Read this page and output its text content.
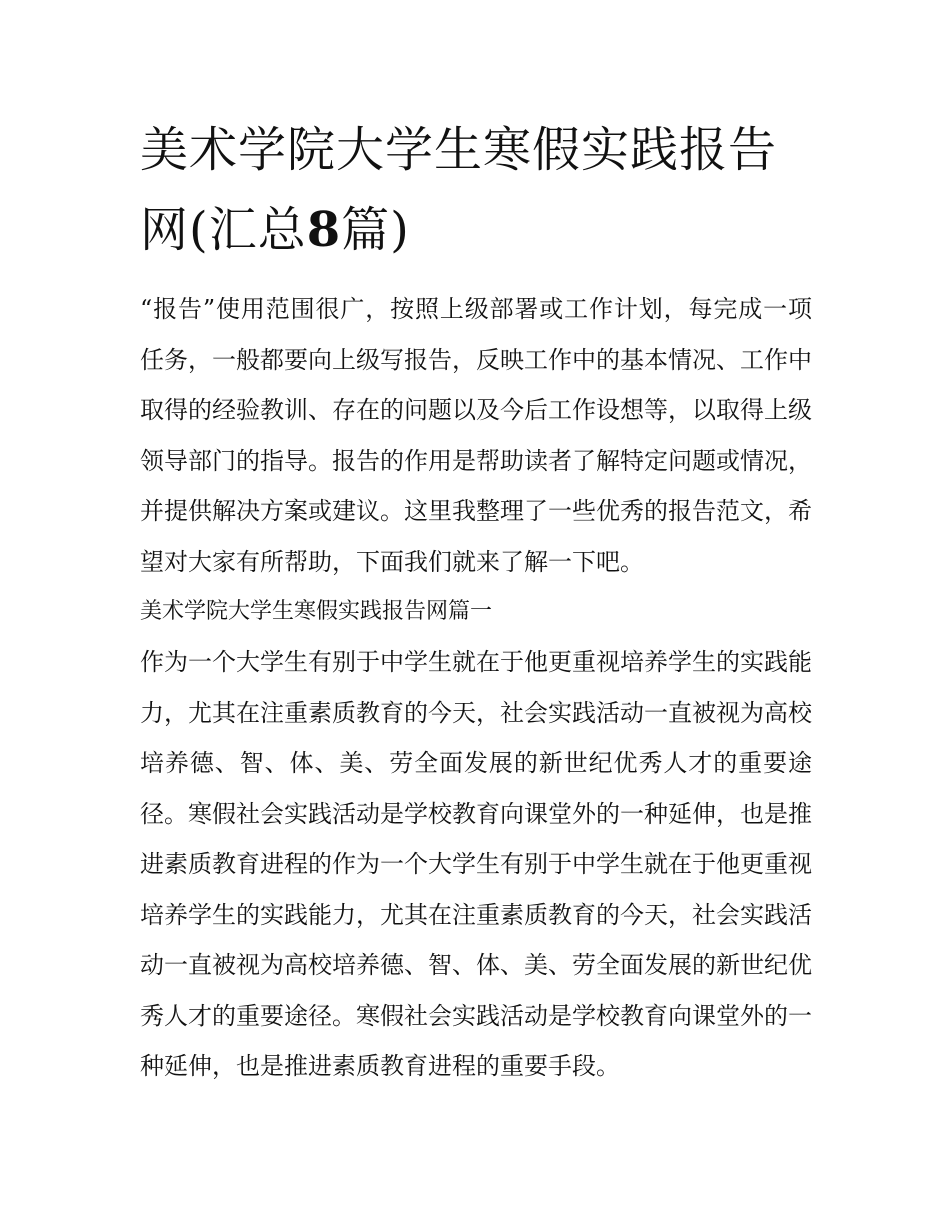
美术学院大学生寒假实践报告网(汇总8篇)

“报告”使用范围很广，按照上级部署或工作计划，每完成一项任务，一般都要向上级写报告，反映工作中的基本情况、工作中取得的经验教训、存在的问题以及今后工作设想等，以取得上级领导部门的指导。报告的作用是帮助读者了解特定问题或情况，并提供解决方案或建议。这里我整理了一些优秀的报告范文，希望对大家有所帮助，下面我们就来了解一下吧。

美术学院大学生寒假实践报告网篇一

作为一个大学生有别于中学生就在于他更重视培养学生的实践能力，尤其在注重素质教育的今天，社会实践活动一直被视为高校培养德、智、体、美、劳全面发展的新世纪优秀人才的重要途径。寒假社会实践活动是学校教育向课堂外的一种延伸，也是推进素质教育进程的作为一个大学生有别于中学生就在于他更重视培养学生的实践能力，尤其在注重素质教育的今天，社会实践活动一直被视为高校培养德、智、体、美、劳全面发展的新世纪优秀人才的重要途径。寒假社会实践活动是学校教育向课堂外的一种延伸，也是推进素质教育进程的重要手段。
